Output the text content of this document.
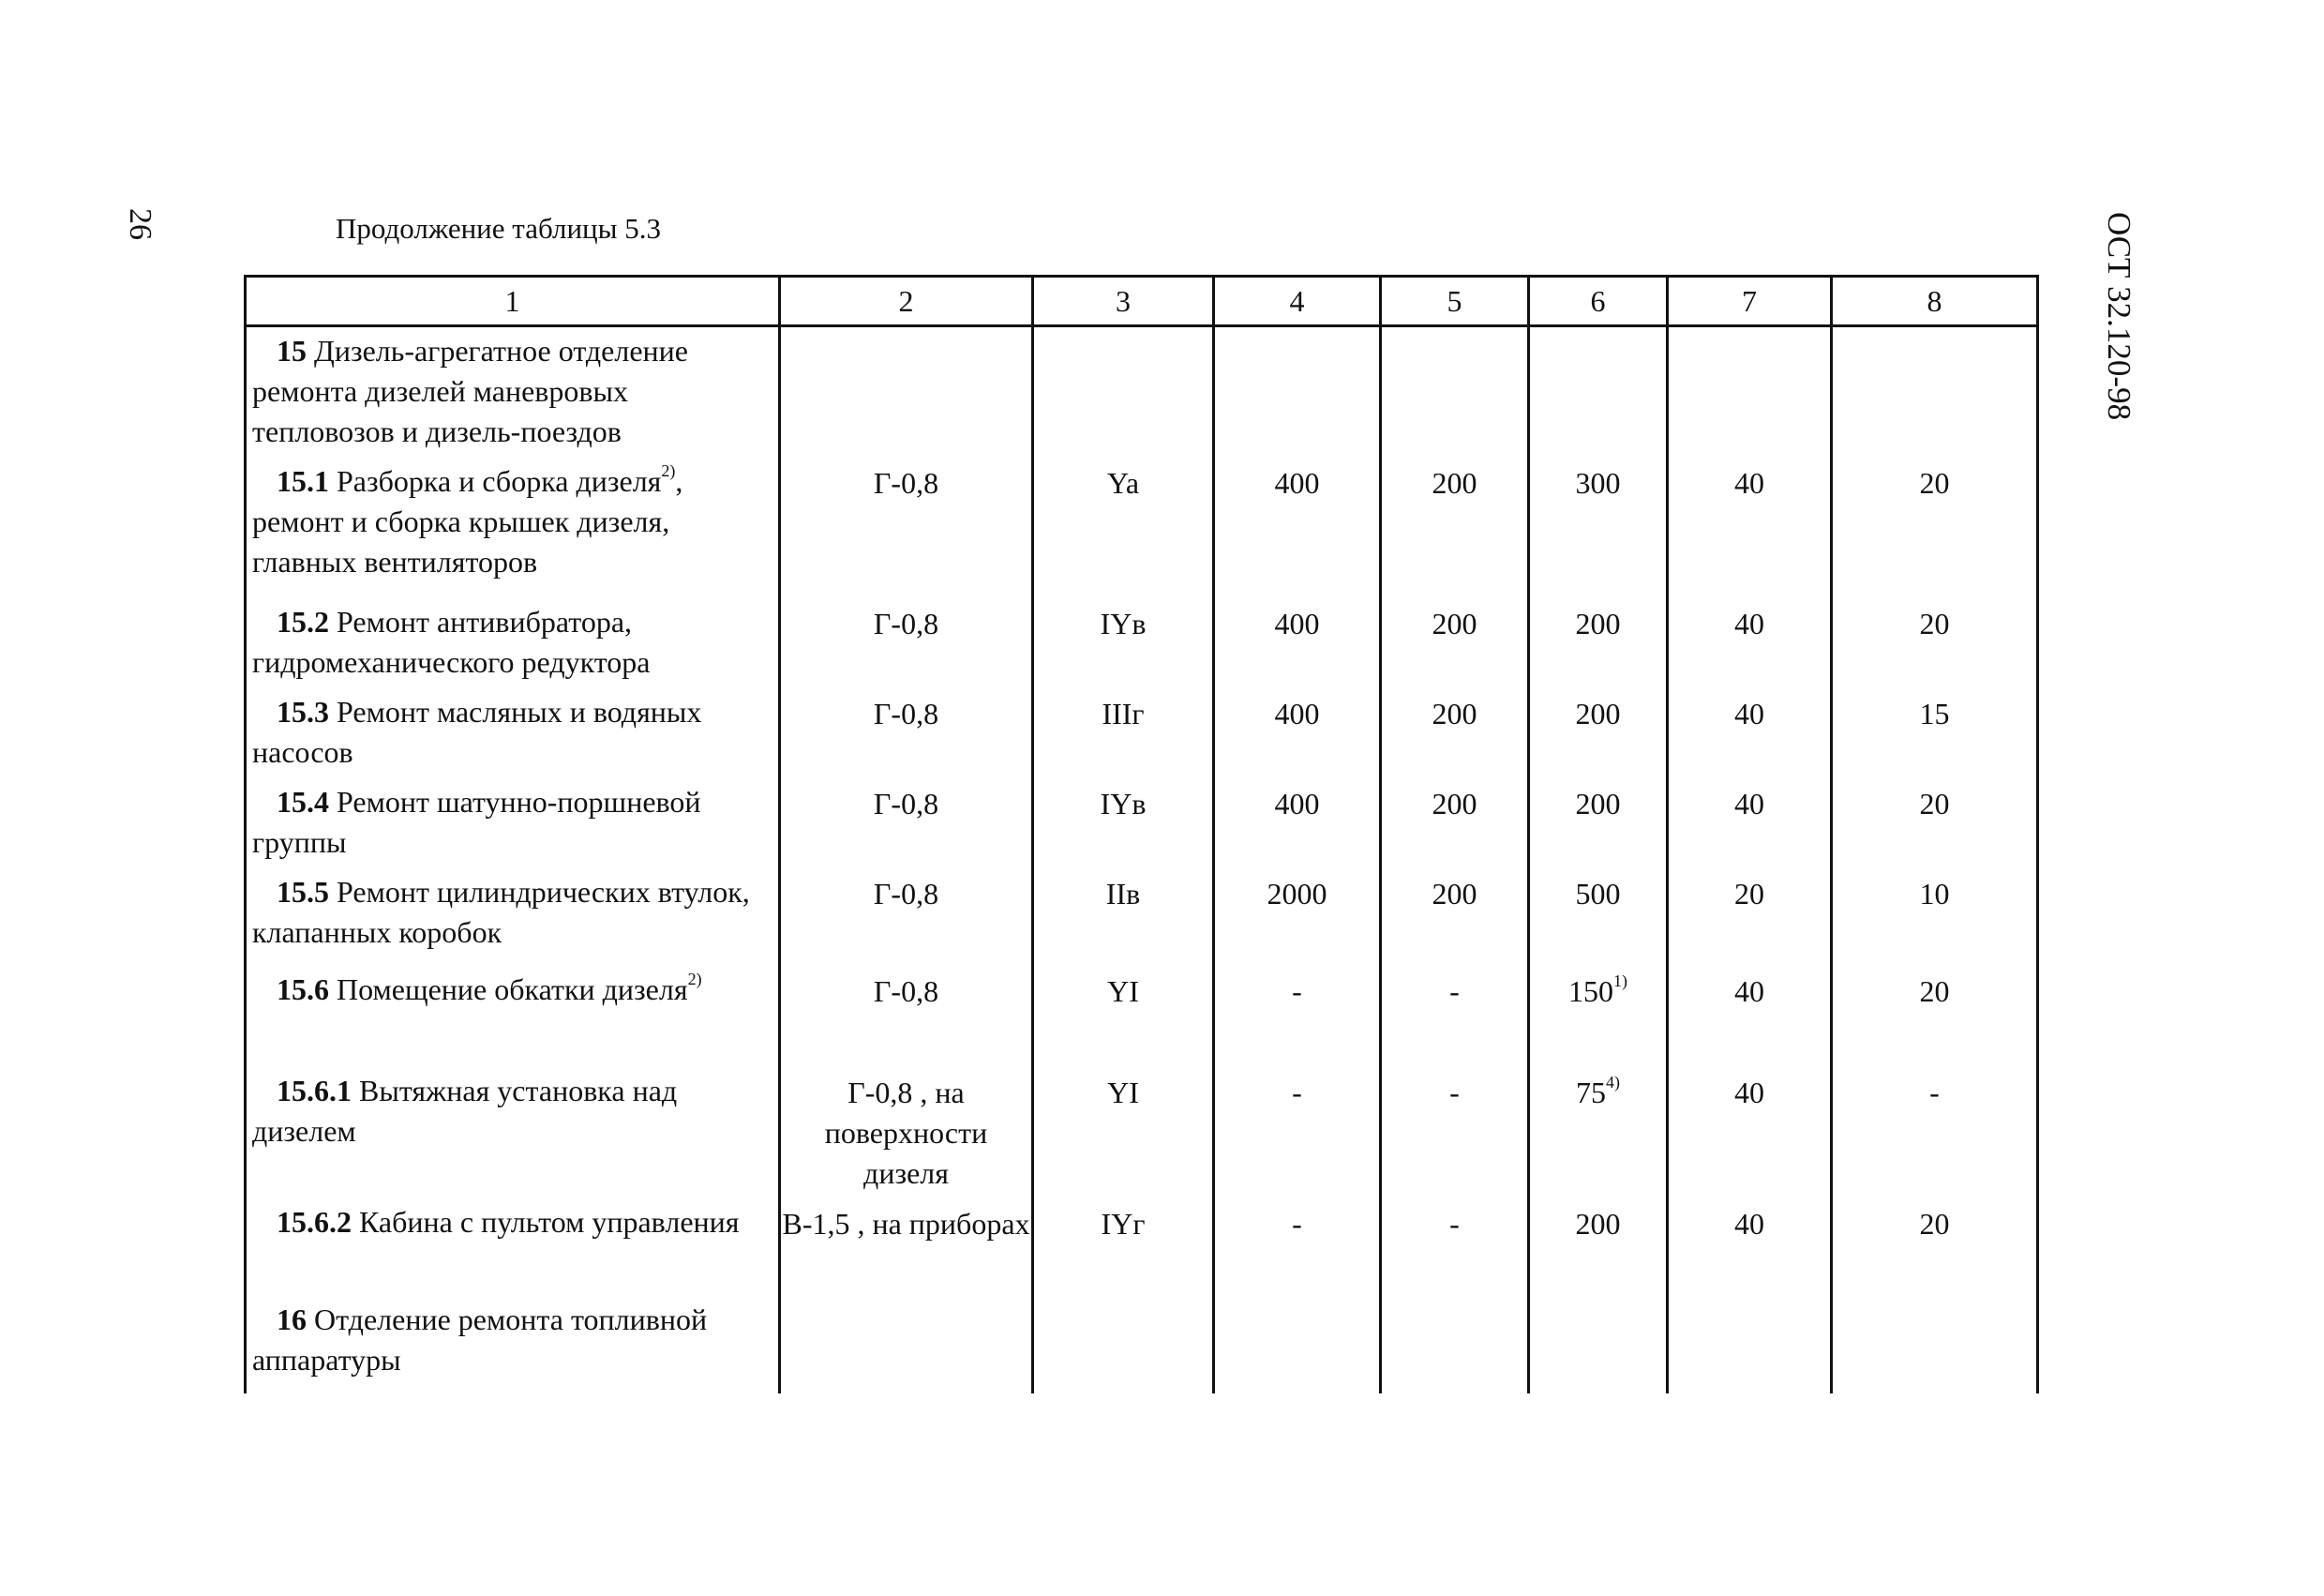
26	Продолжение таблицы 5.3	ОСТ 32.120-98
1	2	3	4	5	6	7	8
15 Дизель-агрегатное отделение ремонта дизелей маневровых тепловозов и дизель-поездов							
15.1 Разборка и сборка дизеля$^{2)}$, ремонт и сборка крышек дизеля, главных вентиляторов	Г-0,8	Ya	400	200	300	40	20
15.2 Ремонт антивибратора, гидромеханического редуктора	Г-0,8	IYв	400	200	200	40	20
15.3 Ремонт масляных и водяных насосов	Г-0,8	IIIг	400	200	200	40	15
15.4 Ремонт шатунно-поршневой группы	Г-0,8	IYв	400	200	200	40	20
15.5 Ремонт цилиндрических втулок, клапанных коробок	Г-0,8	IIв	2000	200	500	20	10
15.6 Помещение обкатки дизеля$^{2)}$	Г-0,8	YI	-	-	150$^{1)}$	40	20
15.6.1 Вытяжная установка над дизелем	Г-0,8 , на поверхности дизеля	YI	-	-	75$^{4)}$	40	-
15.6.2 Кабина с пультом управления	В-1,5 , на приборах	IYг	-	-	200	40	20
16 Отделение ремонта топливной аппаратуры							
